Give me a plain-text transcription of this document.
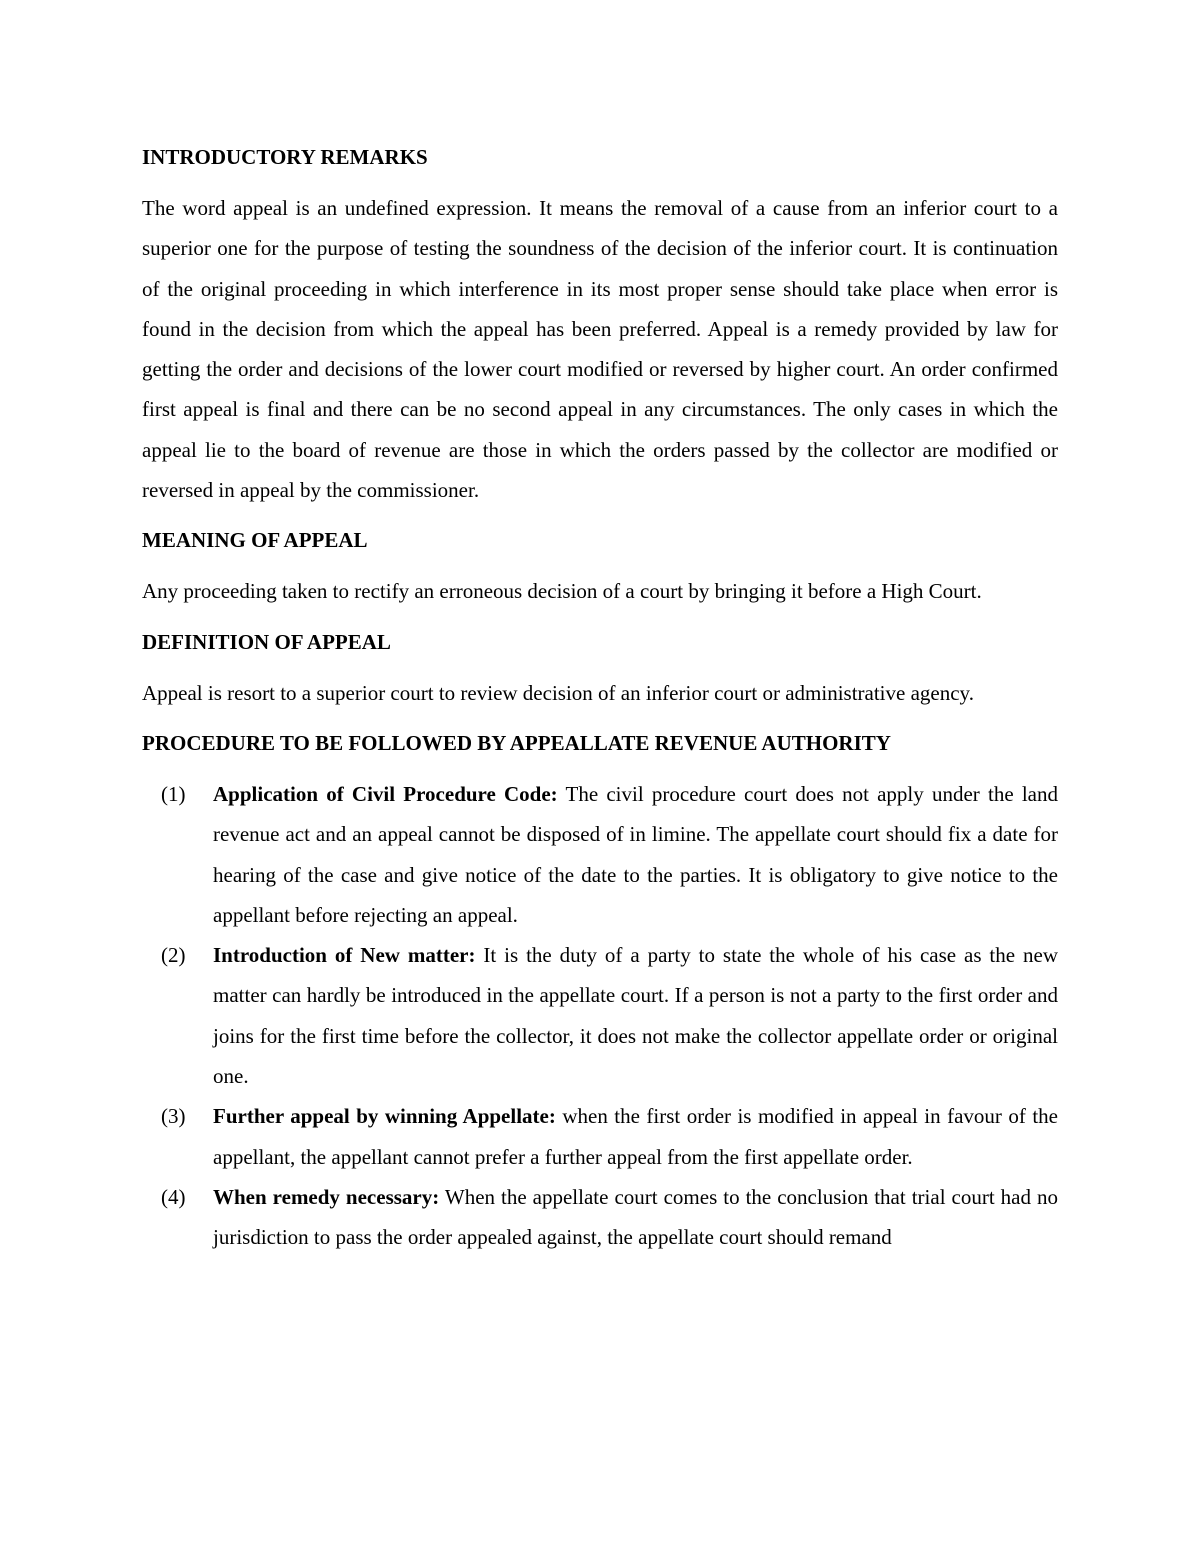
INTRODUCTORY REMARKS

The word appeal is an undefined expression. It means the removal of a cause from an inferior court to a superior one for the purpose of testing the soundness of the decision of the inferior court. It is continuation of the original proceeding in which interference in its most proper sense should take place when error is found in the decision from which the appeal has been preferred. Appeal is a remedy provided by law for getting the order and decisions of the lower court modified or reversed by higher court. An order confirmed first appeal is final and there can be no second appeal in any circumstances. The only cases in which the appeal lie to the board of revenue are those in which the orders passed by the collector are modified or reversed in appeal by the commissioner.

MEANING OF APPEAL

Any proceeding taken to rectify an erroneous decision of a court by bringing it before a High Court.

DEFINITION OF APPEAL

Appeal is resort to a superior court to review decision of an inferior court or administrative agency.

PROCEDURE TO BE FOLLOWED BY APPEALLATE REVENUE AUTHORITY
(1) Application of Civil Procedure Code: The civil procedure court does not apply under the land revenue act and an appeal cannot be disposed of in limine. The appellate court should fix a date for hearing of the case and give notice of the date to the parties. It is obligatory to give notice to the appellant before rejecting an appeal.
(2) Introduction of New matter: It is the duty of a party to state the whole of his case as the new matter can hardly be introduced in the appellate court. If a person is not a party to the first order and joins for the first time before the collector, it does not make the collector appellate order or original one.
(3) Further appeal by winning Appellate: when the first order is modified in appeal in favour of the appellant, the appellant cannot prefer a further appeal from the first appellate order.
(4) When remedy necessary: When the appellate court comes to the conclusion that trial court had no jurisdiction to pass the order appealed against, the appellate court should remand
